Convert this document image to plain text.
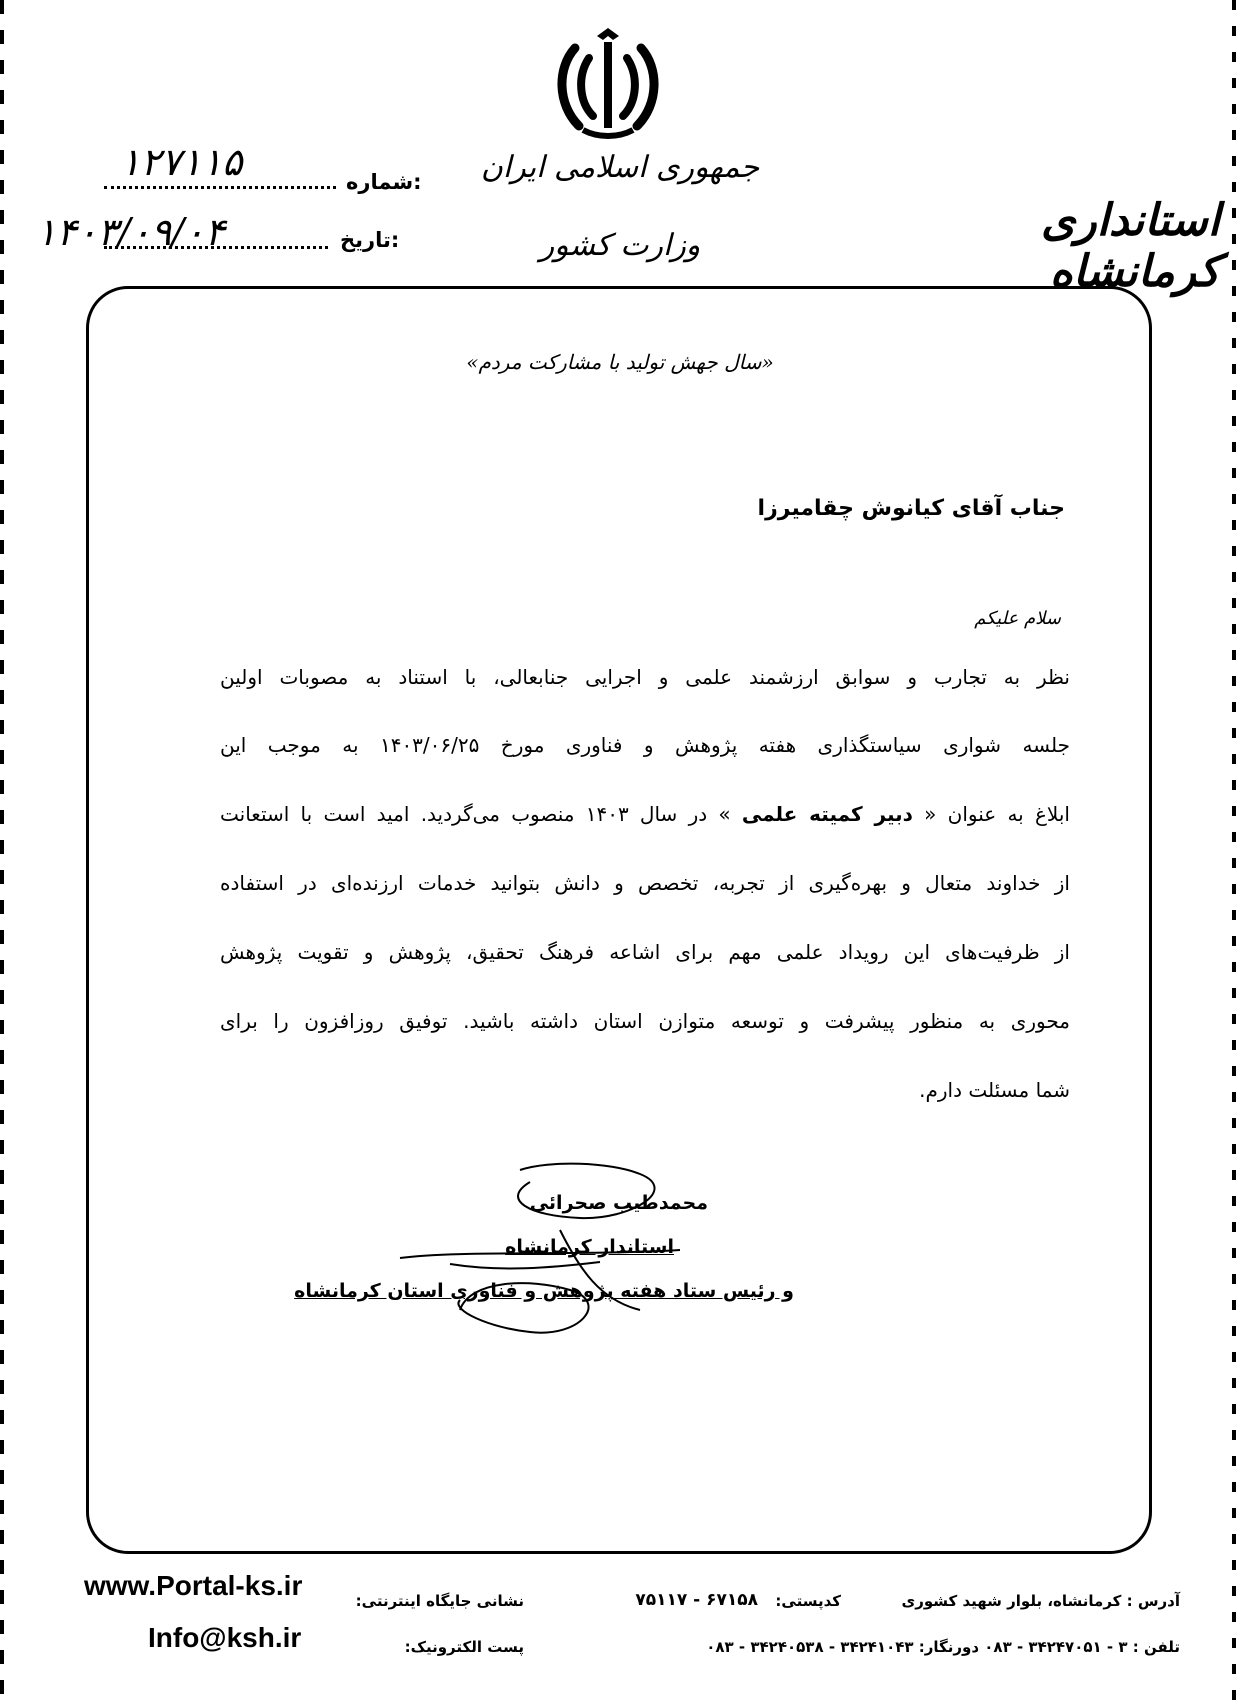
جمهوری اسلامی ایران
وزارت کشور	استانداری کرمانشاه
شماره:
۱۲۷۱۱۵
تاریخ:
۱۴۰۳/۰۹/۰۴
«سال جهش تولید با مشارکت مردم»
جناب آقای کیانوش چقامیرزا
سلام علیکم
نظر به تجارب و سوابق ارزشمند علمی و اجرایی جنابعالی، با استناد به مصوبات اولین
جلسه شواری سیاستگذاری هفته پژوهش و فناوری مورخ ۱۴۰۳/۰۶/۲۵ به موجب این
ابلاغ به عنوان « دبیر کمیته علمی » در سال ۱۴۰۳ منصوب می‌گردید. امید است با استعانت
از خداوند متعال و بهره‌گیری از تجربه، تخصص و دانش بتوانید خدمات ارزنده‌ای در استفاده
از ظرفیت‌های این رویداد علمی مهم برای اشاعه فرهنگ تحقیق، پژوهش و تقویت پژوهش
محوری به منظور پیشرفت و توسعه متوازن استان داشته باشید. توفیق روزافزون را برای
شما مسئلت دارم.
محمدطیب صحرائی
استاندار کرمانشاه
و رئیس ستاد هفته پژوهش و فناوری استان کرمانشاه
آدرس : کرمانشاه، بلوار شهید کشوری
کدپستی:
۶۷۱۵۸ - ۷۵۱۱۷
تلفن : ۳ - ۳۴۲۴۷۰۵۱ - ۰۸۳ دورنگار: ۳۴۲۴۱۰۴۳ - ۳۴۲۴۰۵۳۸ - ۰۸۳
نشانی جایگاه اینترنتی:
www.Portal-ks.ir
پست الکترونیک:
Info@ksh.ir
